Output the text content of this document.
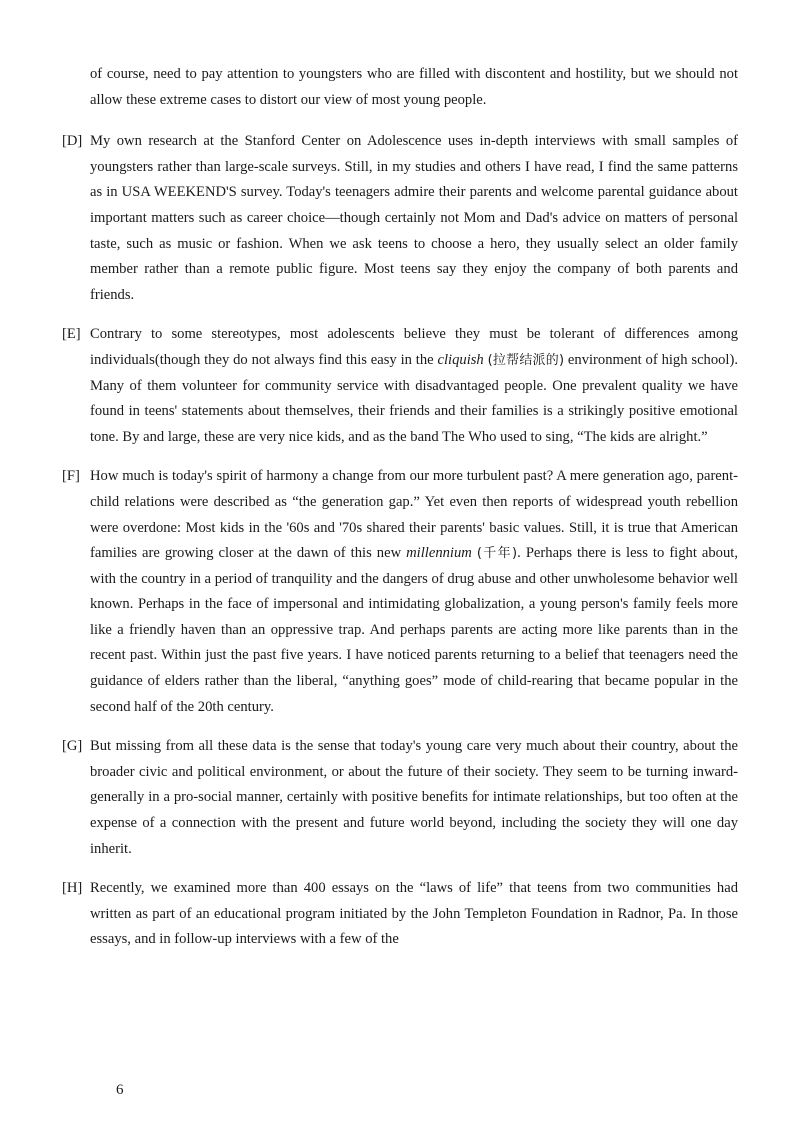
of course, need to pay attention to youngsters who are filled with discontent and hostility, but we should not allow these extreme cases to distort our view of most young people.

[D] My own research at the Stanford Center on Adolescence uses in-depth interviews with small samples of youngsters rather than large-scale surveys. Still, in my studies and others I have read, I find the same patterns as in USA WEEKEND'S survey. Today's teenagers admire their parents and welcome parental guidance about important matters such as career choice—though certainly not Mom and Dad's advice on matters of personal taste, such as music or fashion. When we ask teens to choose a hero, they usually select an older family member rather than a remote public figure. Most teens say they enjoy the company of both parents and friends.

[E] Contrary to some stereotypes, most adolescents believe they must be tolerant of differences among individuals(though they do not always find this easy in the cliquish (拉帮结派的) environment of high school). Many of them volunteer for community service with disadvantaged people. One prevalent quality we have found in teens' statements about themselves, their friends and their families is a strikingly positive emotional tone. By and large, these are very nice kids, and as the band The Who used to sing, “The kids are alright.”

[F] How much is today's spirit of harmony a change from our more turbulent past? A mere generation ago, parent-child relations were described as “the generation gap.” Yet even then reports of widespread youth rebellion were overdone: Most kids in the '60s and '70s shared their parents' basic values. Still, it is true that American families are growing closer at the dawn of this new millennium (千年). Perhaps there is less to fight about, with the country in a period of tranquility and the dangers of drug abuse and other unwholesome behavior well known. Perhaps in the face of impersonal and intimidating globalization, a young person's family feels more like a friendly haven than an oppressive trap. And perhaps parents are acting more like parents than in the recent past. Within just the past five years. I have noticed parents returning to a belief that teenagers need the guidance of elders rather than the liberal, “anything goes” mode of child-rearing that became popular in the second half of the 20th century.

[G] But missing from all these data is the sense that today's young care very much about their country, about the broader civic and political environment, or about the future of their society. They seem to be turning inward-generally in a pro-social manner, certainly with positive benefits for intimate relationships, but too often at the expense of a connection with the present and future world beyond, including the society they will one day inherit.

[H] Recently, we examined more than 400 essays on the “laws of life” that teens from two communities had written as part of an educational program initiated by the John Templeton Foundation in Radnor, Pa. In those essays, and in follow-up interviews with a few of the

6
